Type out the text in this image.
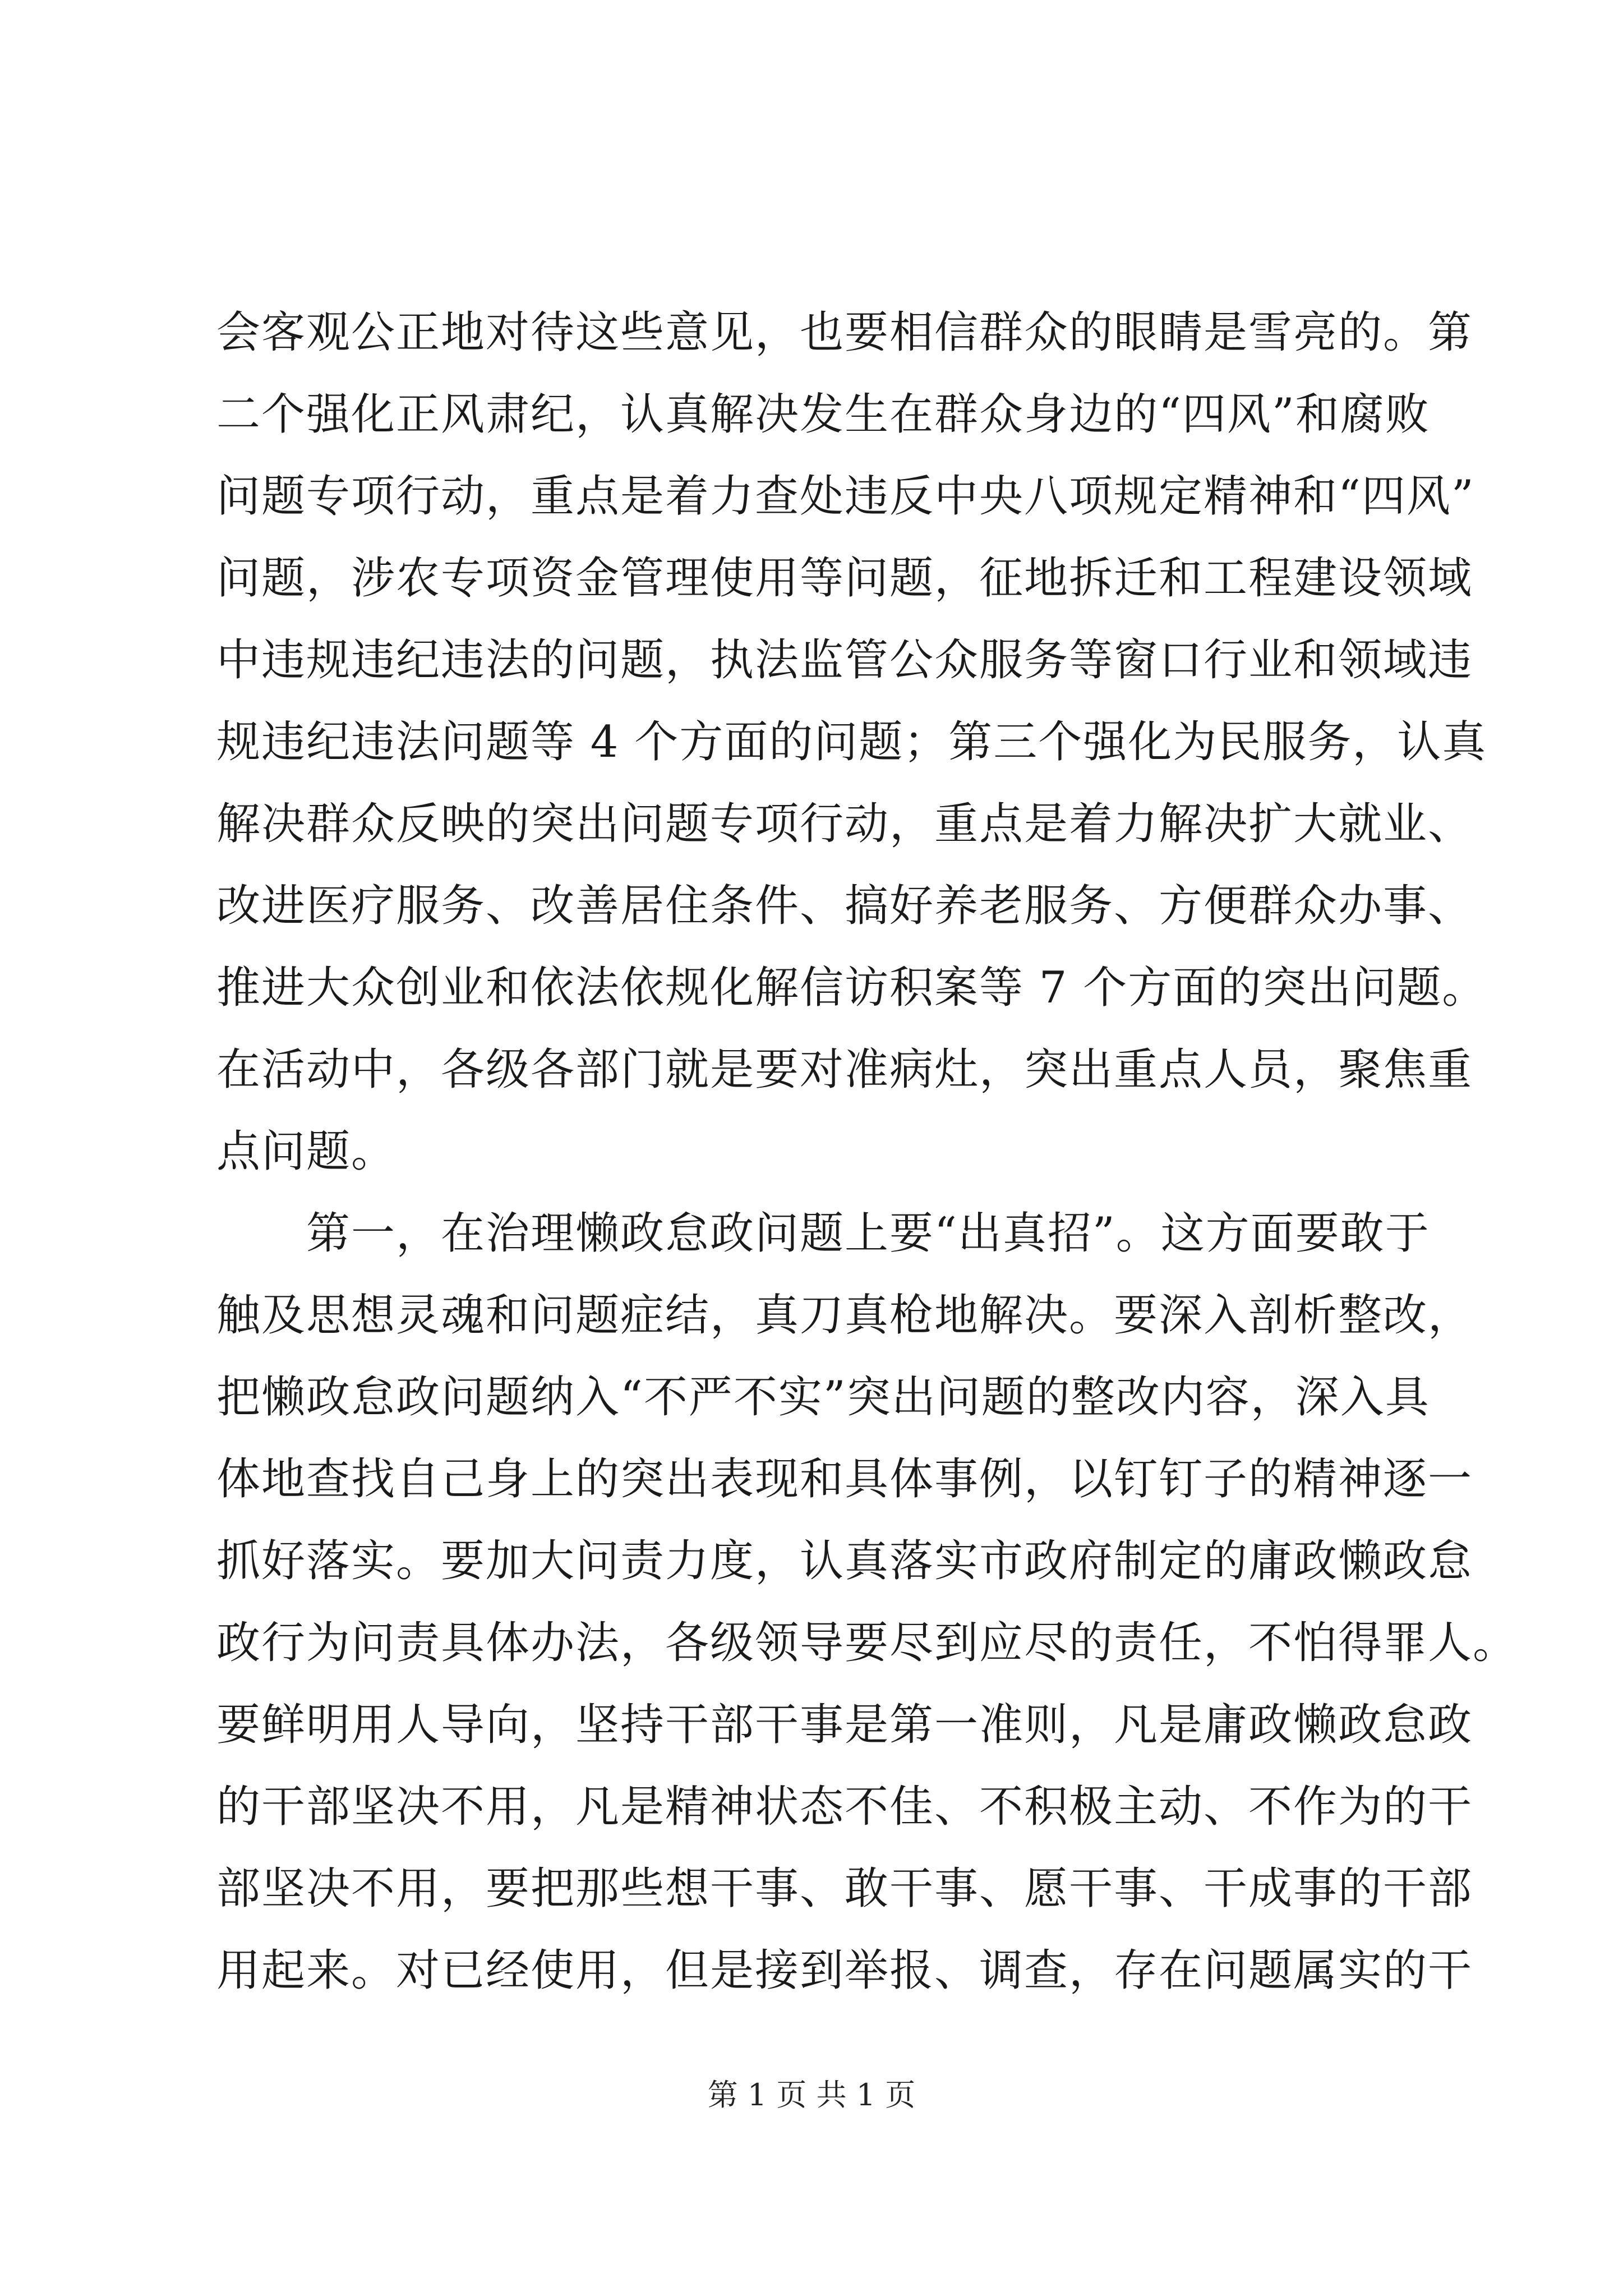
会客观公正地对待这些意见，也要相信群众的眼睛是雪亮的。第
二个强化正风肃纪，认真解决发生在群众身边的“四风”和腐败
问题专项行动，重点是着力查处违反中央八项规定精神和“四风”
问题，涉农专项资金管理使用等问题，征地拆迁和工程建设领域
中违规违纪违法的问题，执法监管公众服务等窗口行业和领域违
规违纪违法问题等 4 个方面的问题；第三个强化为民服务，认真
解决群众反映的突出问题专项行动，重点是着力解决扩大就业、
改进医疗服务、改善居住条件、搞好养老服务、方便群众办事、
推进大众创业和依法依规化解信访积案等 7 个方面的突出问题。
在活动中，各级各部门就是要对准病灶，突出重点人员，聚焦重
点问题。
　　第一，在治理懒政怠政问题上要“出真招”。这方面要敢于
触及思想灵魂和问题症结，真刀真枪地解决。要深入剖析整改，
把懒政怠政问题纳入“不严不实”突出问题的整改内容，深入具
体地查找自己身上的突出表现和具体事例，以钉钉子的精神逐一
抓好落实。要加大问责力度，认真落实市政府制定的庸政懒政怠
政行为问责具体办法，各级领导要尽到应尽的责任，不怕得罪人。
要鲜明用人导向，坚持干部干事是第一准则，凡是庸政懒政怠政
的干部坚决不用，凡是精神状态不佳、不积极主动、不作为的干
部坚决不用，要把那些想干事、敢干事、愿干事、干成事的干部
用起来。对已经使用，但是接到举报、调查，存在问题属实的干
第 1 页 共 1 页
